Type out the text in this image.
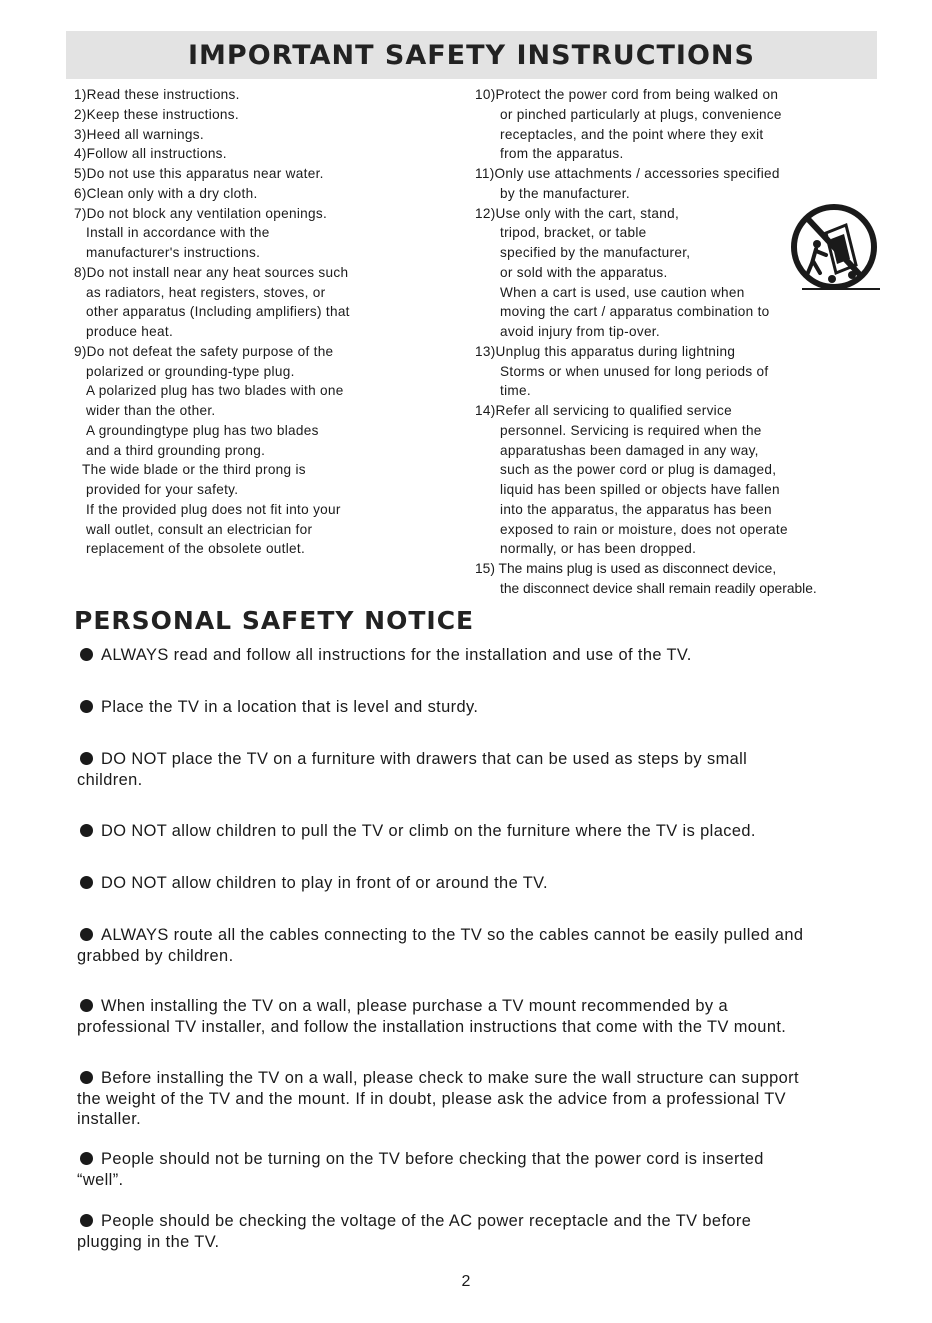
IMPORTANT SAFETY INSTRUCTIONS
1)Read these instructions.
2)Keep these instructions.
3)Heed all warnings.
4)Follow all instructions.
5)Do not use this apparatus near water.
6)Clean only with a dry cloth.
7)Do not block any ventilation openings.
Install in accordance with the
manufacturer's instructions.
8)Do not install near any heat sources such
as radiators, heat registers, stoves, or
other apparatus (Including amplifiers) that
produce heat.
9)Do not defeat the safety purpose of the
polarized or grounding-type plug.
A polarized plug has two blades with one
wider than the other.
A groundingtype plug has two blades
and a third grounding prong.
The wide blade or the third prong is
provided for your safety.
If the provided plug does not fit into your
wall outlet, consult an electrician for
replacement of the obsolete outlet.
10)Protect the power cord from being walked on
or pinched particularly at plugs, convenience
receptacles, and the point where they exit
from the apparatus.
11)Only use attachments / accessories specified
by the manufacturer.
12)Use only with the cart, stand,
tripod, bracket, or table
specified by the manufacturer,
or sold with the apparatus.
When a cart is used, use caution when
moving the cart / apparatus combination to
avoid injury from tip-over.
13)Unplug this apparatus during lightning
Storms or when unused for long periods of
time.
14)Refer all servicing to qualified service
personnel. Servicing is required when the
apparatushas been damaged in any way,
such as the power cord or plug is damaged,
liquid has been spilled or objects have fallen
into the apparatus, the apparatus has been
exposed to rain or moisture, does not operate
normally, or has been dropped.
15) The mains plug is used as disconnect device,
the disconnect device shall remain readily operable.
PERSONAL SAFETY NOTICE
ALWAYS read and follow all instructions for the installation and use of the TV.
Place the TV in a location that is level and sturdy.
DO NOT place the TV on a furniture with drawers that can be used as steps by small
children.
DO NOT allow children to pull the TV or climb on the furniture where the TV is placed.
DO NOT allow children to play in front of or around the TV.
ALWAYS route all the cables connecting to the TV so the cables cannot be easily pulled and
grabbed by children.
When installing the TV on a wall, please purchase a TV mount recommended by a
professional TV installer, and follow the installation instructions that come with the TV mount.
Before installing the TV on a wall, please check to make sure the wall structure can support
the weight of the TV and the mount. If in doubt, please ask the advice from a professional TV
installer.
People should not be turning on the TV before checking that the power cord is inserted
“well”.
People should be checking the voltage of the AC power receptacle and the TV before
plugging in the TV.
2
